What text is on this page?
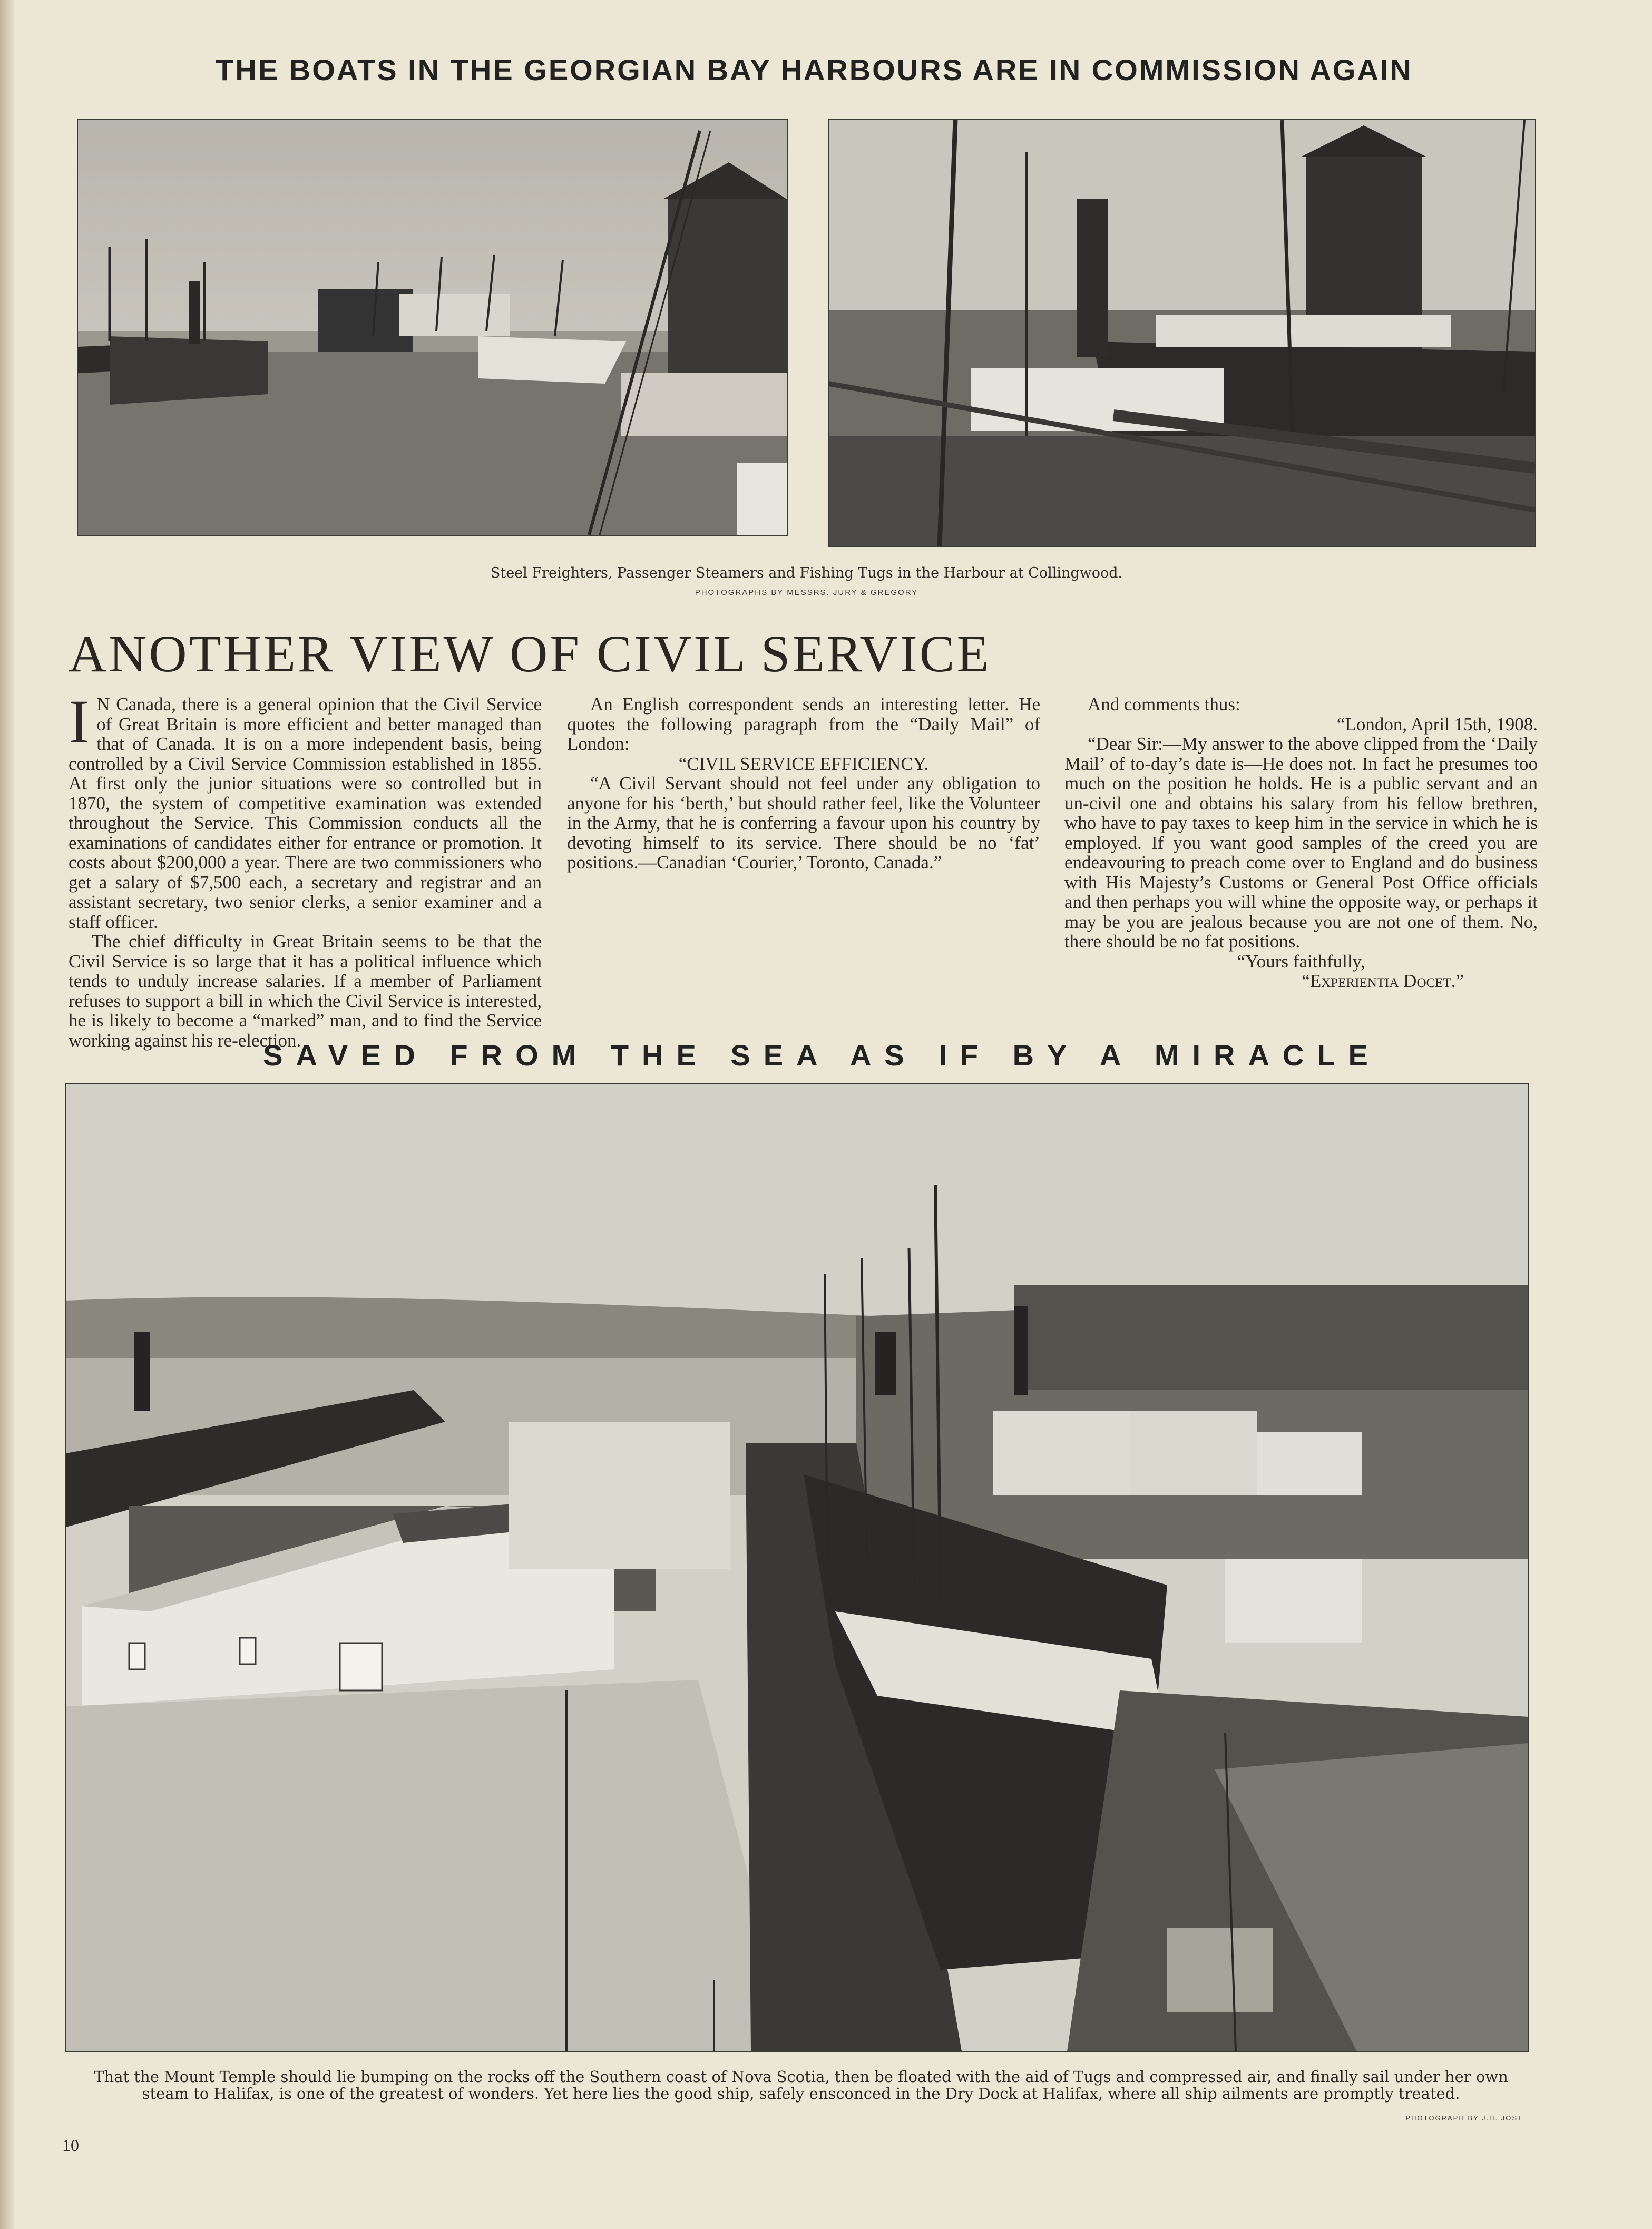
THE BOATS IN THE GEORGIAN BAY HARBOURS ARE IN COMMISSION AGAIN
Steel Freighters, Passenger Steamers and Fishing Tugs in the Harbour at Collingwood.
PHOTOGRAPHS BY MESSRS. JURY & GREGORY
ANOTHER VIEW OF CIVIL SERVICE

I N Canada, there is a general opinion that the Civil Service of Great Britain is more efficient and better managed than that of Canada. It is on a more independent basis, being controlled by a Civil Service Commission established in 1855. At first only the junior situations were so controlled but in 1870, the system of competitive examination was extended throughout the Service. This Commission conducts all the examinations of candidates either for entrance or promotion. It costs about $200,000 a year. There are two commissioners who get a salary of $7,500 each, a secretary and registrar and an assistant secretary, two senior clerks, a senior examiner and a staff officer.

The chief difficulty in Great Britain seems to be that the Civil Service is so large that it has a political influence which tends to unduly increase salaries. If a member of Parliament refuses to support a bill in which the Civil Service is interested, he is likely to become a “marked” man, and to find the Service working against his re-election.

An English correspondent sends an interesting letter. He quotes the following paragraph from the “Daily Mail” of London:

“CIVIL SERVICE EFFICIENCY.

“A Civil Servant should not feel under any obligation to anyone for his ‘berth,’ but should rather feel, like the Volunteer in the Army, that he is conferring a favour upon his country by devoting himself to its service. There should be no ‘fat’ positions.—Canadian ‘Courier,’ Toronto, Canada.”

And comments thus:

“London, April 15th, 1908.

“Dear Sir:—My answer to the above clipped from the ‘Daily Mail’ of to-day’s date is—He does not. In fact he presumes too much on the position he holds. He is a public servant and an un-civil one and obtains his salary from his fellow brethren, who have to pay taxes to keep him in the service in which he is employed. If you want good samples of the creed you are endeavouring to preach come over to England and do business with His Majesty’s Customs or General Post Office officials and then perhaps you will whine the opposite way, or perhaps it may be you are jealous because you are not one of them. No, there should be no fat positions.

“Yours faithfully,

“Experientia Docet.”

SAVED FROM THE SEA AS IF BY A MIRACLE
That the Mount Temple should lie bumping on the rocks off the Southern coast of Nova Scotia, then be floated with the aid of Tugs and compressed air, and finally sail under her own steam to Halifax, is one of the greatest of wonders. Yet here lies the good ship, safely ensconced in the Dry Dock at Halifax, where all ship ailments are promptly treated.
PHOTOGRAPH BY J.H. JOST
10
